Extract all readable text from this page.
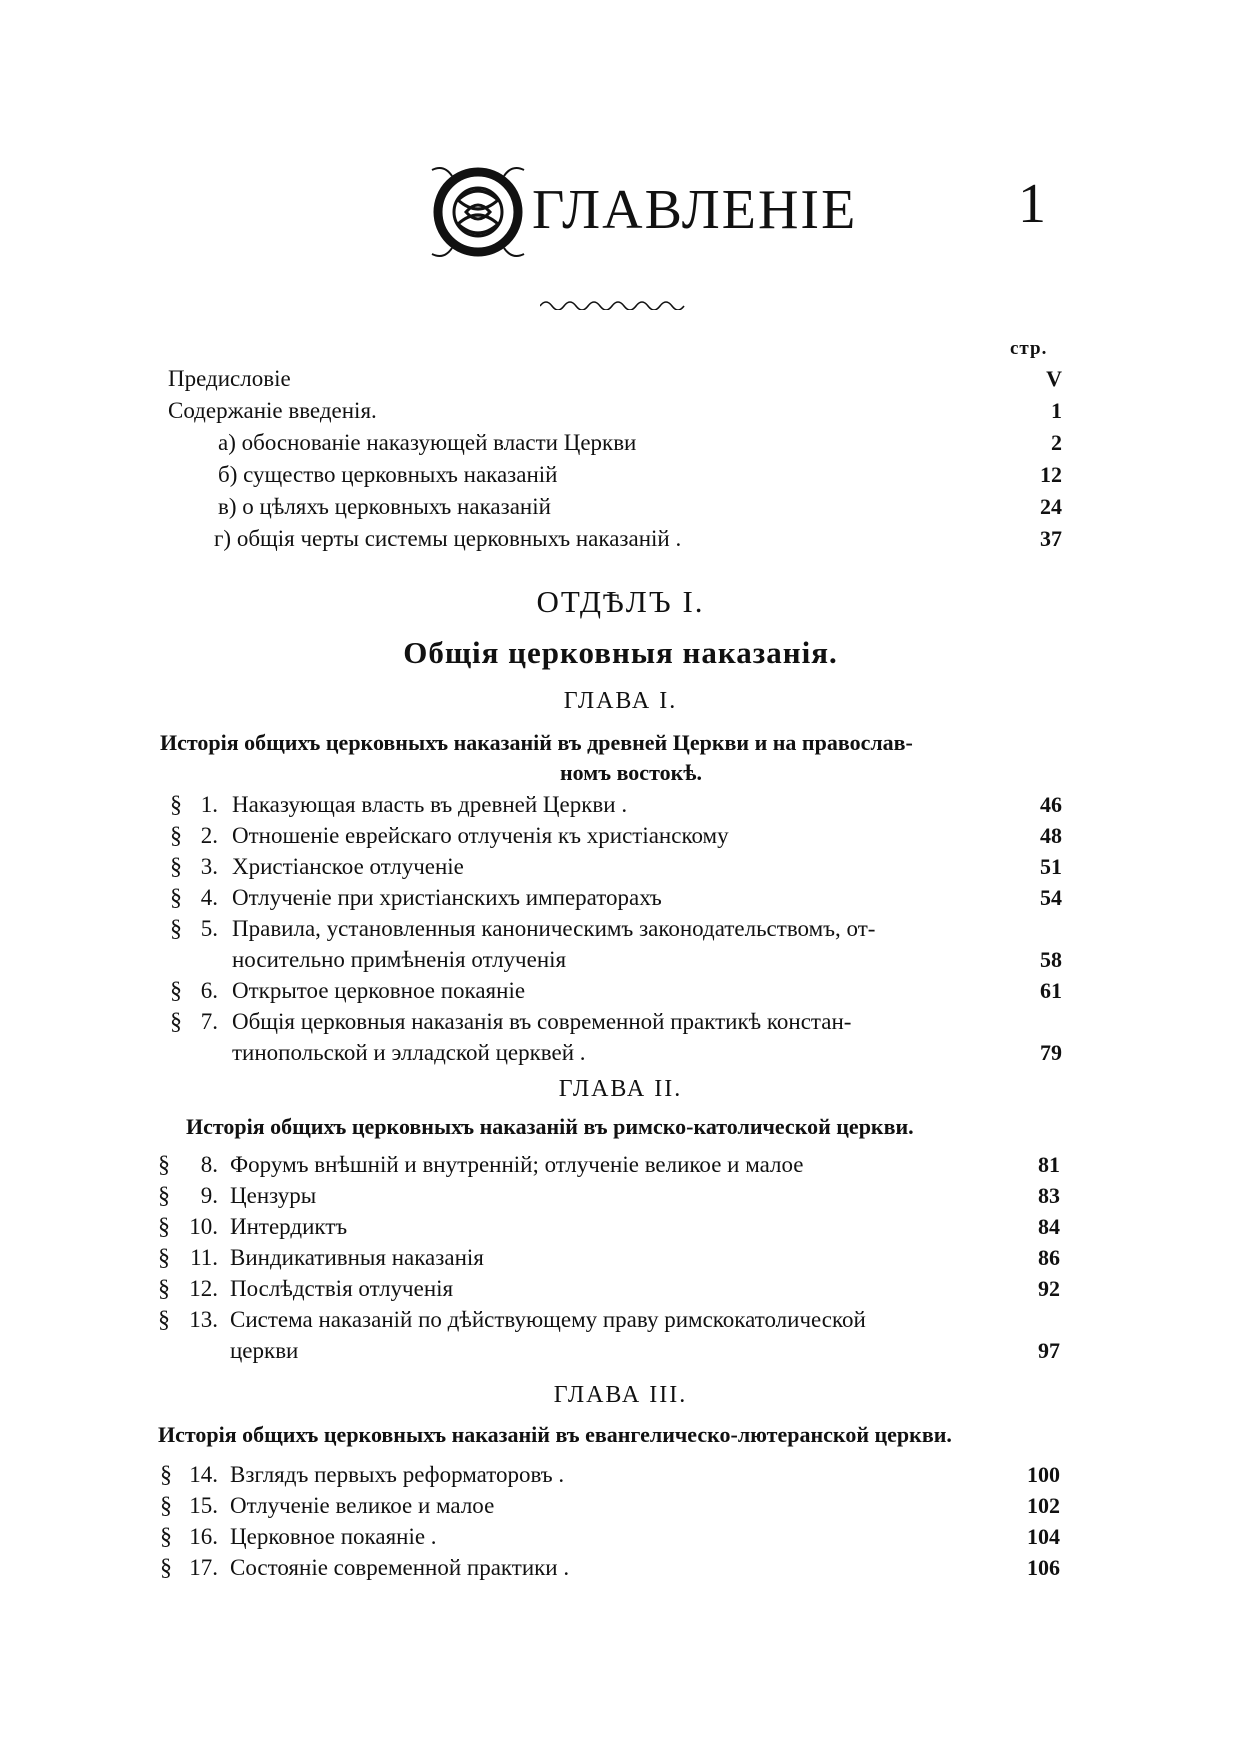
ГЛАВЛЕНІЕ	1
стр.
Предисловіе	V
Содержаніе введенія.	1
а) обоснованіе наказующей власти Церкви	2
б) существо церковныхъ наказаній	12
в) о цѣляхъ церковныхъ наказаній	24
г) общія черты системы церковныхъ наказаній .	37
ОТДѢЛЪ I.
Общія церковныя наказанія.
ГЛАВА I.
Исторія общихъ церковныхъ наказаній въ древней Церкви и на православ-
номъ востокѣ.
§ 1. Наказующая власть въ древней Церкви .	46
§ 2. Отношеніе еврейскаго отлученія къ христіанскому	48
§ 3. Христіанское отлученіе	51
§ 4. Отлученіе при христіанскихъ императорахъ	54
§ 5. Правила, установленныя каноническимъ законодательствомъ, от-
носительно примѣненія отлученія	58
§ 6. Открытое церковное покаяніе	61
§ 7. Общія церковныя наказанія въ современной практикѣ констан-
тинопольской и элладской церквей .	79
ГЛАВА II.
Исторія общихъ церковныхъ наказаній въ римско-католической церкви.
§	8. Форумъ внѣшній и внутренній; отлученіе великое и малое	81
§	9. Цензуры	83
§ 10. Интердиктъ	84
§ 11. Виндикативныя наказанія	86
§ 12. Послѣдствія отлученія	92
§ 13. Система наказаній по дѣйствующему праву римскокатолической
церкви	97
ГЛАВА III.
Исторія общихъ церковныхъ наказаній въ евангелическо-лютеранской церкви.
§ 14. Взглядъ первыхъ реформаторовъ .	100
§ 15. Отлученіе великое и малое	102
§ 16. Церковное покаяніе .	104
§ 17. Состояніе современной практики .	106
